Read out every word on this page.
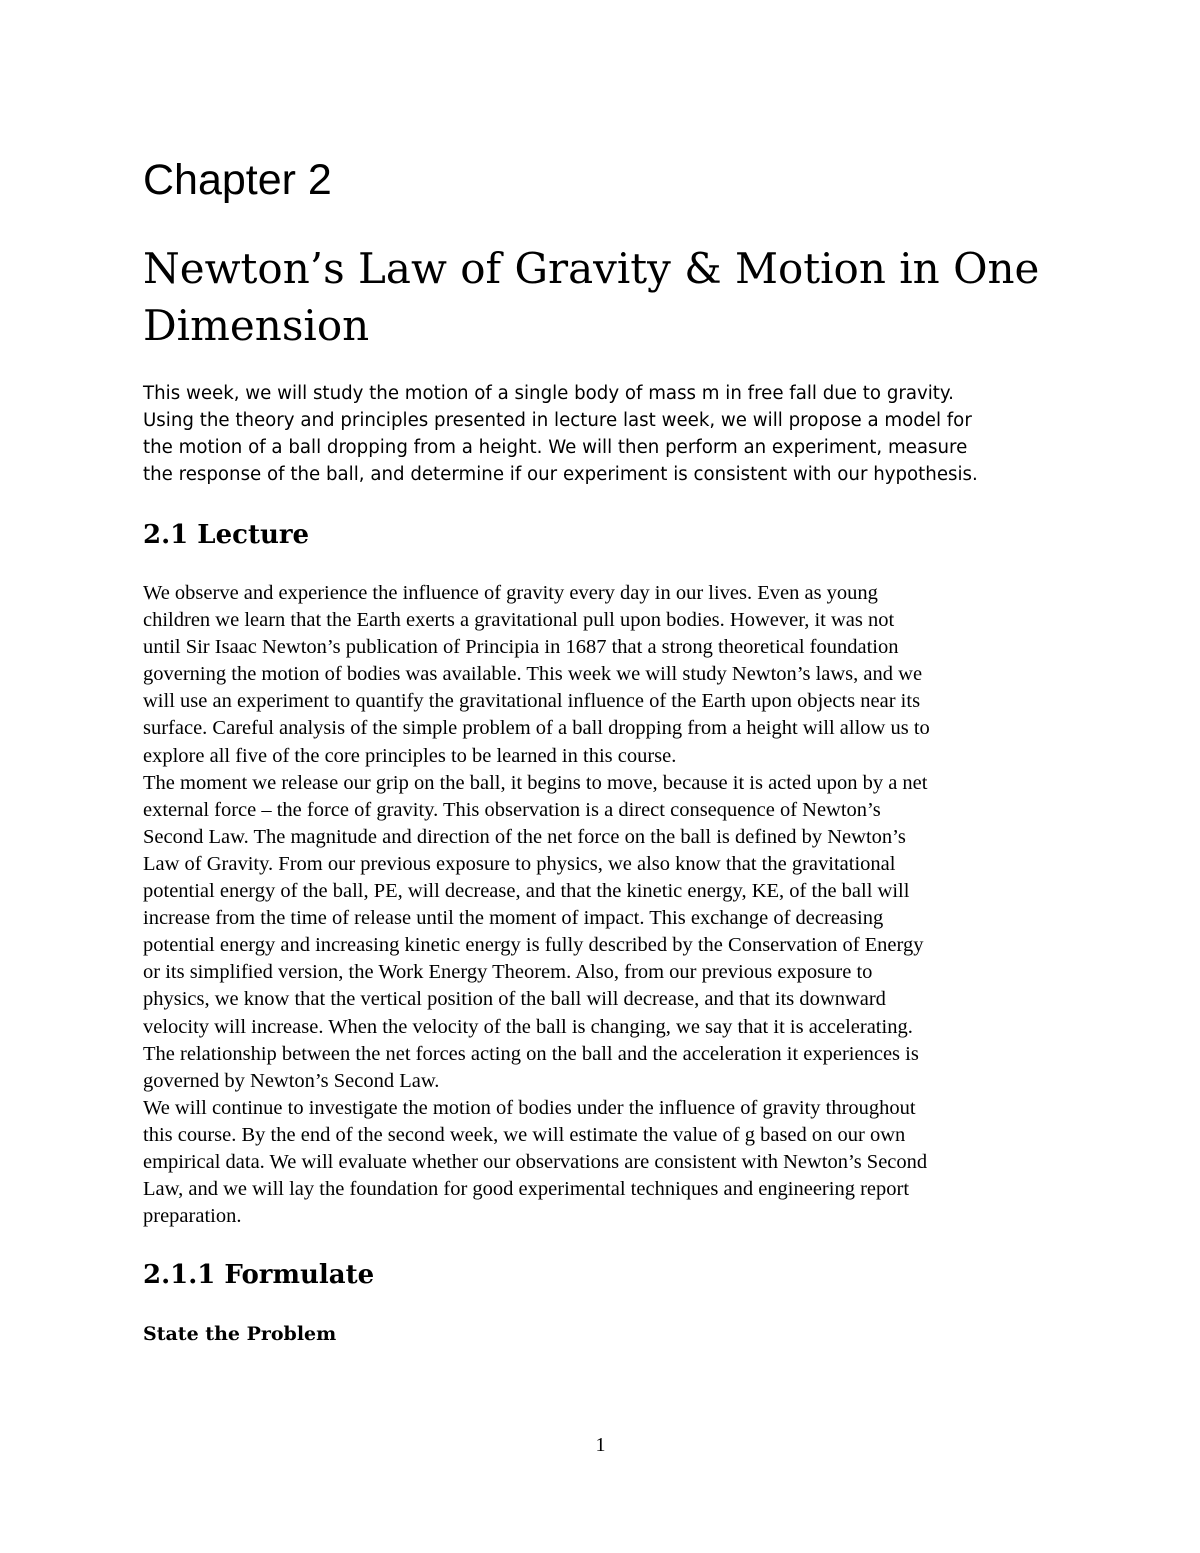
Chapter 2
Newton’s Law of Gravity & Motion in One Dimension

This week, we will study the motion of a single body of mass m in free fall due to gravity.
Using the theory and principles presented in lecture last week, we will propose a model for
the motion of a ball dropping from a height. We will then perform an experiment, measure
the response of the ball, and determine if our experiment is consistent with our hypothesis.

2.1 Lecture
We observe and experience the influence of gravity every day in our lives. Even as young
children we learn that the Earth exerts a gravitational pull upon bodies. However, it was not
until Sir Isaac Newton’s publication of Principia in 1687 that a strong theoretical foundation
governing the motion of bodies was available. This week we will study Newton’s laws, and we
will use an experiment to quantify the gravitational influence of the Earth upon objects near its
surface. Careful analysis of the simple problem of a ball dropping from a height will allow us to
explore all five of the core principles to be learned in this course.
The moment we release our grip on the ball, it begins to move, because it is acted upon by a net
external force – the force of gravity. This observation is a direct consequence of Newton’s
Second Law. The magnitude and direction of the net force on the ball is defined by Newton’s
Law of Gravity. From our previous exposure to physics, we also know that the gravitational
potential energy of the ball, PE, will decrease, and that the kinetic energy, KE, of the ball will
increase from the time of release until the moment of impact. This exchange of decreasing
potential energy and increasing kinetic energy is fully described by the Conservation of Energy
or its simplified version, the Work Energy Theorem. Also, from our previous exposure to
physics, we know that the vertical position of the ball will decrease, and that its downward
velocity will increase. When the velocity of the ball is changing, we say that it is accelerating.
The relationship between the net forces acting on the ball and the acceleration it experiences is
governed by Newton’s Second Law.
We will continue to investigate the motion of bodies under the influence of gravity throughout
this course. By the end of the second week, we will estimate the value of g based on our own
empirical data. We will evaluate whether our observations are consistent with Newton’s Second
Law, and we will lay the foundation for good experimental techniques and engineering report
preparation.
2.1.1 Formulate
State the Problem
1
